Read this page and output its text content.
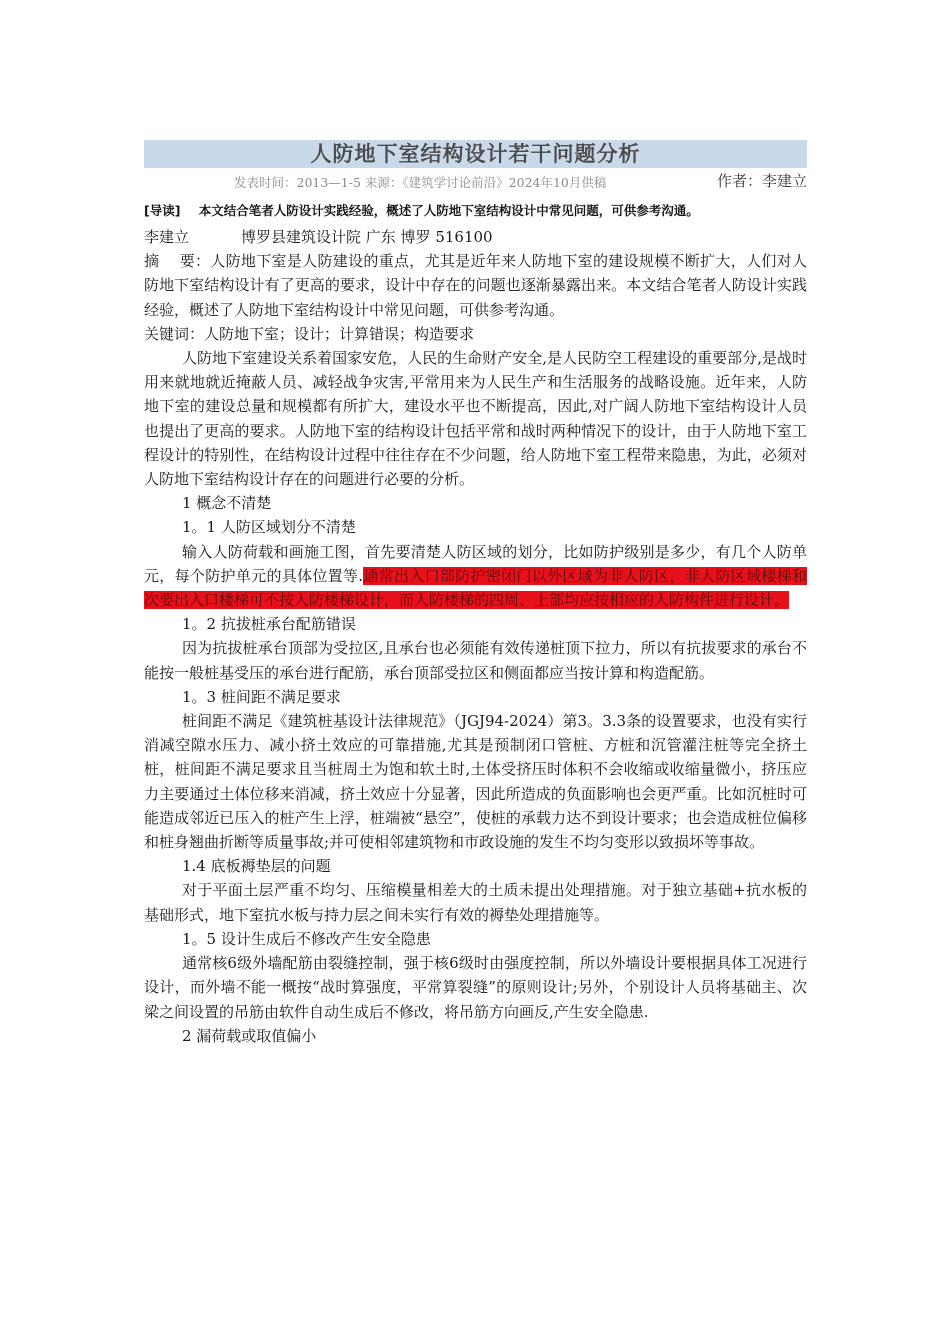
人防地下室结构设计若干问题分析
发表时间：2013—1-5 来源：《建筑学讨论前沿》2024年10月供稿	作者：李建立
[导读] 本文结合笔者人防设计实践经验，概述了人防地下室结构设计中常见问题，可供参考沟通。
李建立	博罗县建筑设计院 广东 博罗 516100

摘　 要：人防地下室是人防建设的重点，尤其是近年来人防地下室的建设规模不断扩大，人们对人防地下室结构设计有了更高的要求，设计中存在的问题也逐渐暴露出来。本文结合笔者人防设计实践经验，概述了人防地下室结构设计中常见问题，可供参考沟通。

关键词：人防地下室；设计；计算错误；构造要求

人防地下室建设关系着国家安危，人民的生命财产安全,是人民防空工程建设的重要部分,是战时用来就地就近掩蔽人员、减轻战争灾害,平常用来为人民生产和生活服务的战略设施。近年来，人防地下室的建设总量和规模都有所扩大，建设水平也不断提高，因此,对广阔人防地下室结构设计人员也提出了更高的要求。人防地下室的结构设计包括平常和战时两种情况下的设计，由于人防地下室工程设计的特别性，在结构设计过程中往往存在不少问题，给人防地下室工程带来隐患，为此，必须对人防地下室结构设计存在的问题进行必要的分析。

1 概念不清楚

1。1 人防区域划分不清楚

输入人防荷载和画施工图，首先要清楚人防区域的划分，比如防护级别是多少，有几个人防单元，每个防护单元的具体位置等.通常出入口部防护密闭门以外区域为非人防区，非人防区域楼梯和次要出入口楼梯可不按人防楼梯设计，而人防楼梯的四周、上部均应按相应的人防构件进行设计。

1。2 抗拔桩承台配筋错误

因为抗拔桩承台顶部为受拉区,且承台也必须能有效传递桩顶下拉力，所以有抗拔要求的承台不能按一般桩基受压的承台进行配筋，承台顶部受拉区和侧面都应当按计算和构造配筋。

1。3 桩间距不满足要求

桩间距不满足《建筑桩基设计法律规范》（JGJ94-2024）第3。3.3条的设置要求，也没有实行消减空隙水压力、减小挤土效应的可靠措施,尤其是预制闭口管桩、方桩和沉管灌注桩等完全挤土桩，桩间距不满足要求且当桩周土为饱和软土时,土体受挤压时体积不会收缩或收缩量微小，挤压应力主要通过土体位移来消减，挤土效应十分显著，因此所造成的负面影响也会更严重。比如沉桩时可能造成邻近已压入的桩产生上浮，桩端被“悬空”，使桩的承载力达不到设计要求；也会造成桩位偏移和桩身翘曲折断等质量事故;并可使相邻建筑物和市政设施的发生不均匀变形以致损坏等事故。

1.4 底板褥垫层的问题

对于平面土层严重不均匀、压缩模量相差大的土质未提出处理措施。对于独立基础+抗水板的基础形式，地下室抗水板与持力层之间未实行有效的褥垫处理措施等。

1。5 设计生成后不修改产生安全隐患

通常核6级外墙配筋由裂缝控制，强于核6级时由强度控制，所以外墙设计要根据具体工况进行设计，而外墙不能一概按“战时算强度，平常算裂缝”的原则设计;另外，个别设计人员将基础主、次梁之间设置的吊筋由软件自动生成后不修改，将吊筋方向画反,产生安全隐患.

2 漏荷载或取值偏小
